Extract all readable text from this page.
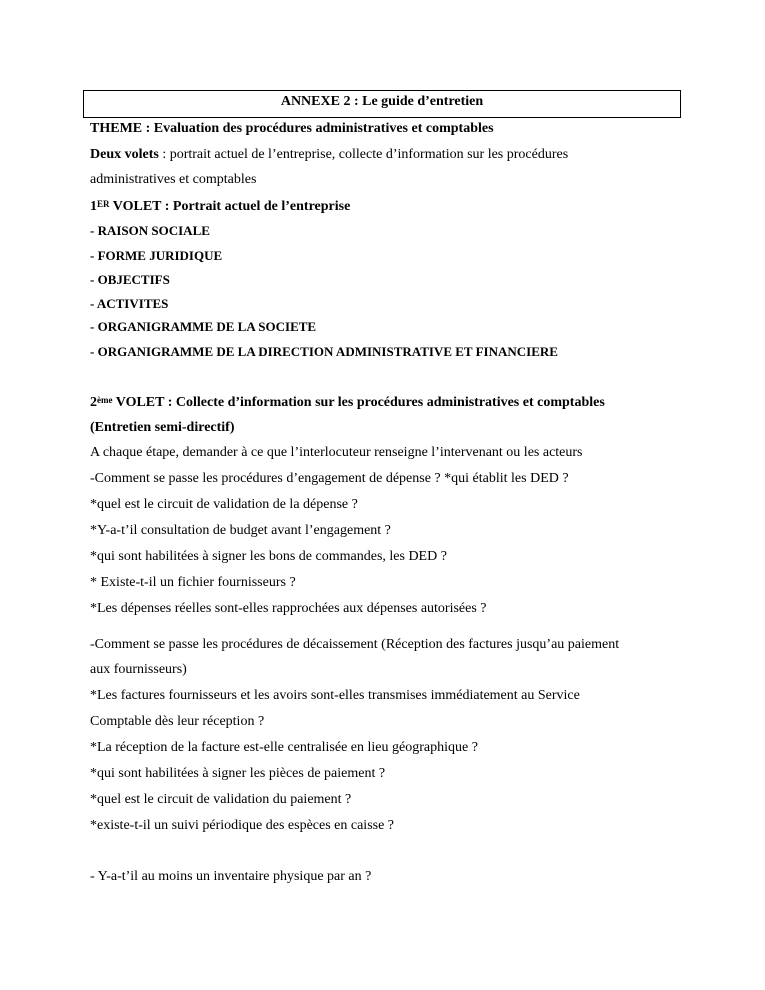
ANNEXE 2 : Le guide d’entretien
THEME : Evaluation des procédures administratives et comptables
Deux volets : portrait actuel de l’entreprise, collecte d’information sur les procédures
administratives et comptables
1ER VOLET : Portrait actuel de l’entreprise
- RAISON SOCIALE
- FORME JURIDIQUE
- OBJECTIFS
- ACTIVITES
- ORGANIGRAMME DE LA SOCIETE
- ORGANIGRAMME DE LA DIRECTION ADMINISTRATIVE ET FINANCIERE
2ème VOLET : Collecte d’information sur les procédures administratives et comptables
(Entretien semi-directif)
A chaque étape, demander à ce que l’interlocuteur renseigne l’intervenant ou les acteurs
-Comment se passe les procédures d’engagement de dépense ? *qui établit les DED ?
*quel est le circuit de validation de la dépense ?
*Y-a-t’il consultation de budget avant l’engagement ?
*qui sont habilitées à signer les bons de commandes, les DED ?
* Existe-t-il un fichier fournisseurs ?
*Les dépenses réelles sont-elles rapprochées aux dépenses autorisées ?
-Comment se passe les procédures de décaissement (Réception des factures jusqu’au paiement
aux fournisseurs)
*Les factures fournisseurs et les avoirs sont-elles transmises immédiatement au Service
Comptable dès leur réception ?
*La réception de la facture est-elle centralisée en lieu géographique ?
*qui sont habilitées à signer les pièces de paiement ?
*quel est le circuit de validation du paiement ?
*existe-t-il un suivi périodique des espèces en caisse ?
- Y-a-t’il au moins un inventaire physique par an ?
